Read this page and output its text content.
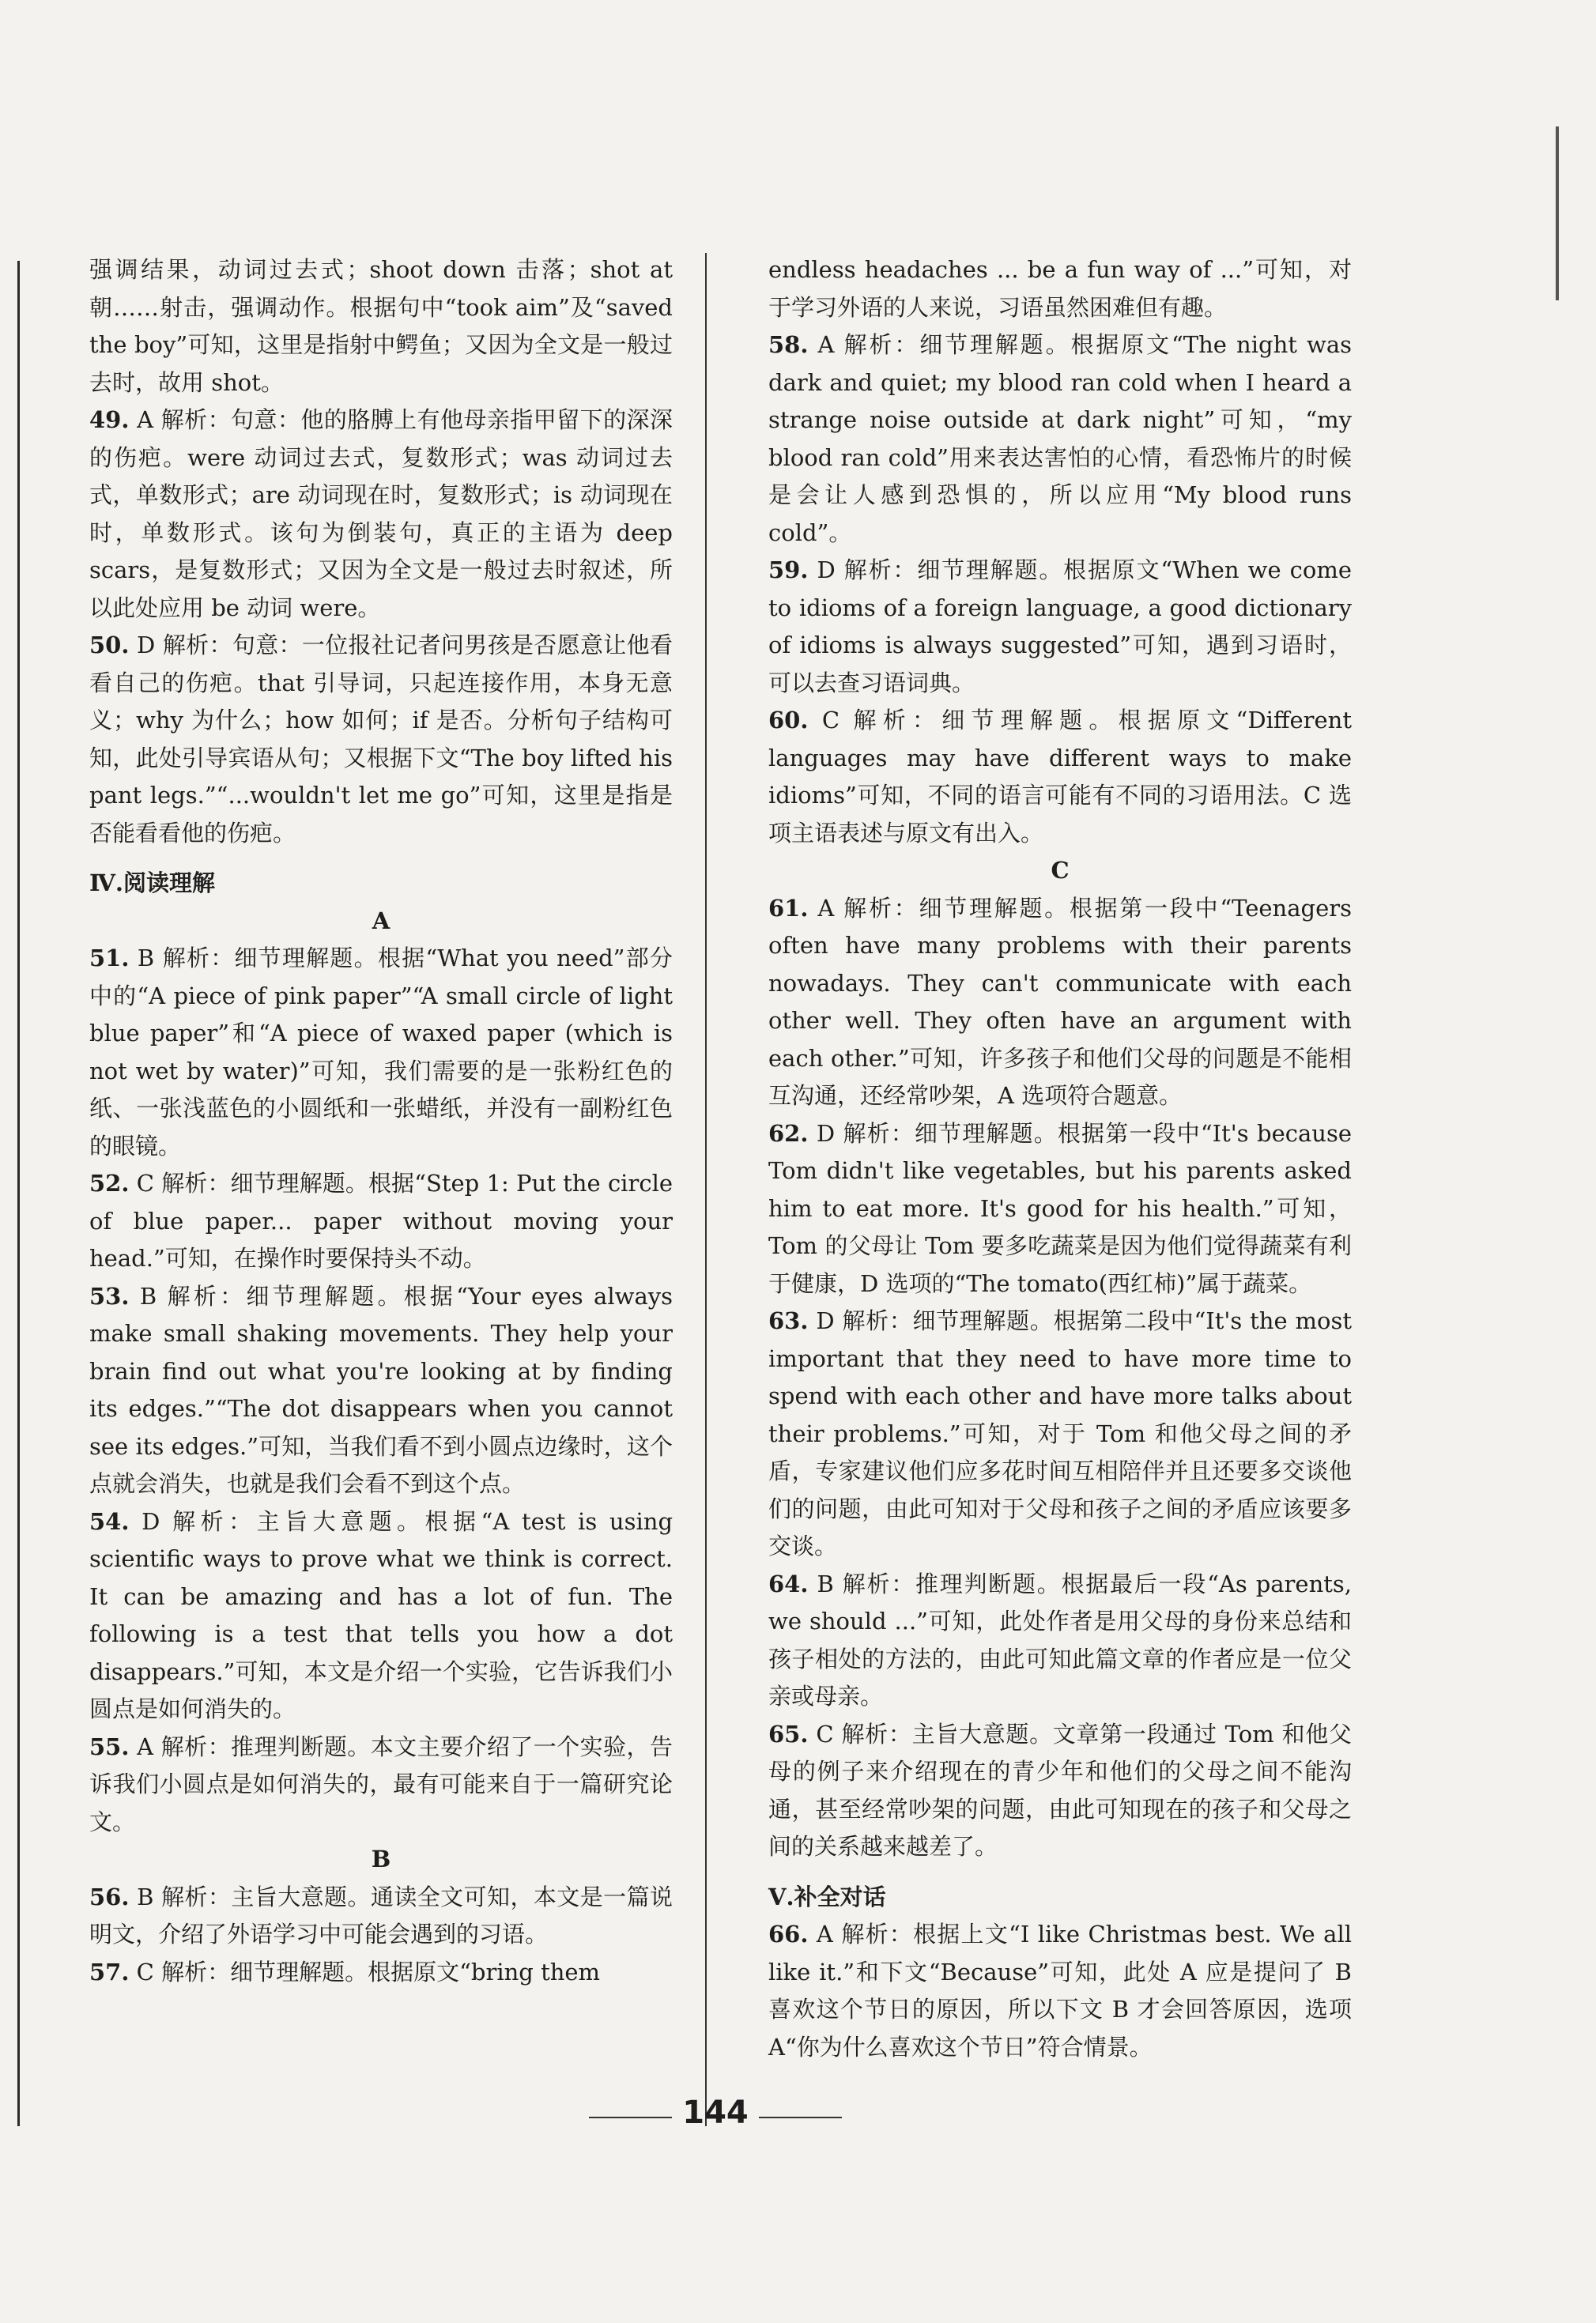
强调结果，动词过去式；shoot down 击落；shot at 朝……射击，强调动作。根据句中“took aim”及“saved the boy”可知，这里是指射中鳄鱼；又因为全文是一般过去时，故用 shot。

49. A 解析：句意：他的胳膊上有他母亲指甲留下的深深的伤疤。were 动词过去式，复数形式；was 动词过去式，单数形式；are 动词现在时，复数形式；is 动词现在时，单数形式。该句为倒装句，真正的主语为 deep scars，是复数形式；又因为全文是一般过去时叙述，所以此处应用 be 动词 were。

50. D 解析：句意：一位报社记者问男孩是否愿意让他看看自己的伤疤。that 引导词，只起连接作用，本身无意义；why 为什么；how 如何；if 是否。分析句子结构可知，此处引导宾语从句；又根据下文“The boy lifted his pant legs.”“...wouldn't let me go”可知，这里是指是否能看看他的伤疤。

Ⅳ.阅读理解

A

51. B 解析：细节理解题。根据“What you need”部分中的“A piece of pink paper”“A small circle of light blue paper”和“A piece of waxed paper (which is not wet by water)”可知，我们需要的是一张粉红色的纸、一张浅蓝色的小圆纸和一张蜡纸，并没有一副粉红色的眼镜。

52. C 解析：细节理解题。根据“Step 1: Put the circle of blue paper... paper without moving your head.”可知，在操作时要保持头不动。

53. B 解析：细节理解题。根据“Your eyes always make small shaking movements. They help your brain find out what you're looking at by finding its edges.”“The dot disappears when you cannot see its edges.”可知，当我们看不到小圆点边缘时，这个点就会消失，也就是我们会看不到这个点。

54. D 解析：主旨大意题。根据“A test is using scientific ways to prove what we think is correct. It can be amazing and has a lot of fun. The following is a test that tells you how a dot disappears.”可知，本文是介绍一个实验，它告诉我们小圆点是如何消失的。

55. A 解析：推理判断题。本文主要介绍了一个实验，告诉我们小圆点是如何消失的，最有可能来自于一篇研究论文。

B

56. B 解析：主旨大意题。通读全文可知，本文是一篇说明文，介绍了外语学习中可能会遇到的习语。

57. C 解析：细节理解题。根据原文“bring them

endless headaches ... be a fun way of ...”可知，对于学习外语的人来说，习语虽然困难但有趣。

58. A 解析：细节理解题。根据原文“The night was dark and quiet; my blood ran cold when I heard a strange noise outside at dark night”可知，“my blood ran cold”用来表达害怕的心情，看恐怖片的时候是会让人感到恐惧的，所以应用“My blood runs cold”。

59. D 解析：细节理解题。根据原文“When we come to idioms of a foreign language, a good dictionary of idioms is always suggested”可知，遇到习语时，可以去查习语词典。

60. C 解析：细节理解题。根据原文“Different languages may have different ways to make idioms”可知，不同的语言可能有不同的习语用法。C 选项主语表述与原文有出入。

C

61. A 解析：细节理解题。根据第一段中“Teenagers often have many problems with their parents nowadays. They can't communicate with each other well. They often have an argument with each other.”可知，许多孩子和他们父母的问题是不能相互沟通，还经常吵架，A 选项符合题意。

62. D 解析：细节理解题。根据第一段中“It's because Tom didn't like vegetables, but his parents asked him to eat more. It's good for his health.”可知，Tom 的父母让 Tom 要多吃蔬菜是因为他们觉得蔬菜有利于健康，D 选项的“The tomato(西红柿)”属于蔬菜。

63. D 解析：细节理解题。根据第二段中“It's the most important that they need to have more time to spend with each other and have more talks about their problems.”可知，对于 Tom 和他父母之间的矛盾，专家建议他们应多花时间互相陪伴并且还要多交谈他们的问题，由此可知对于父母和孩子之间的矛盾应该要多交谈。

64. B 解析：推理判断题。根据最后一段“As parents, we should ...”可知，此处作者是用父母的身份来总结和孩子相处的方法的，由此可知此篇文章的作者应是一位父亲或母亲。

65. C 解析：主旨大意题。文章第一段通过 Tom 和他父母的例子来介绍现在的青少年和他们的父母之间不能沟通，甚至经常吵架的问题，由此可知现在的孩子和父母之间的关系越来越差了。

Ⅴ.补全对话

66. A 解析：根据上文“I like Christmas best. We all like it.”和下文“Because”可知，此处 A 应是提问了 B 喜欢这个节日的原因，所以下文 B 才会回答原因，选项 A“你为什么喜欢这个节日”符合情景。

144
